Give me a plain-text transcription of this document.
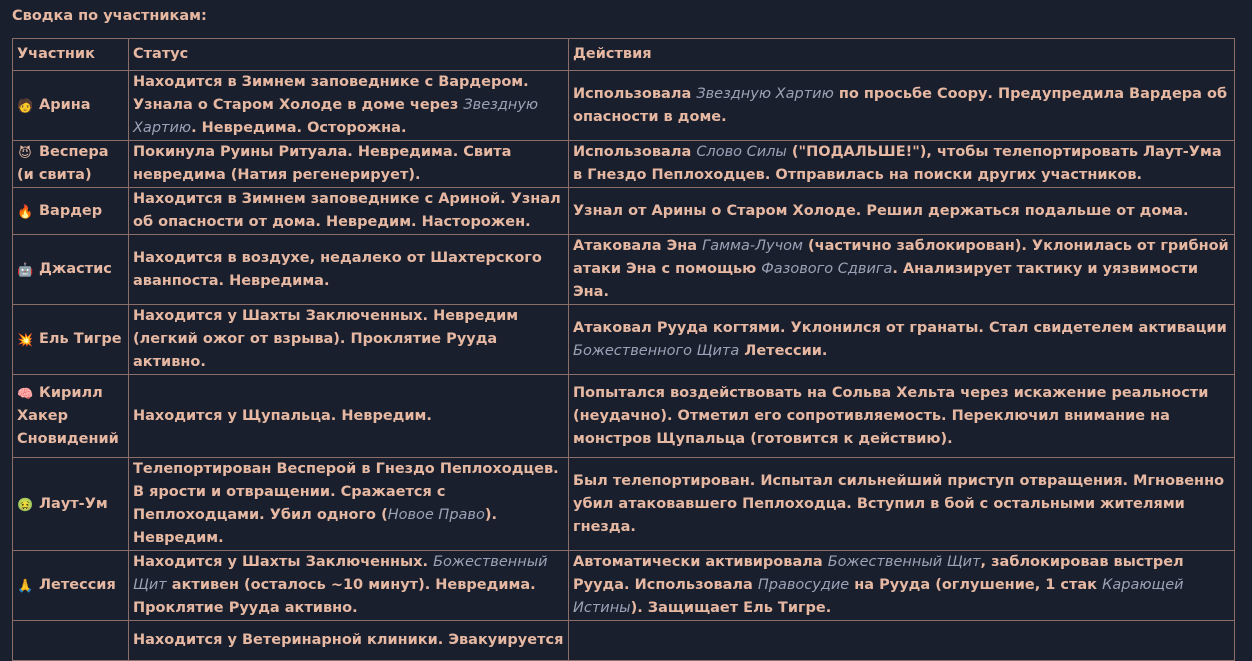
Сводка по участникам:
Участник	Статус	Действия
🧑 Арина	Находится в Зимнем заповеднике с Вардером. Узнала о Старом Холоде в доме через Звездную Хартию. Невредима. Осторожна.	Использовала Звездную Хартию по просьбе Соору. Предупредила Вардера об опасности в доме.
😈 Веспера (и свита)	Покинула Руины Ритуала. Невредима. Свита невредима (Натия регенерирует).	Использовала Слово Силы ("ПОДАЛЬШЕ!"), чтобы телепортировать Лаут-Ума в Гнездо Пеплоходцев. Отправилась на поиски других участников.
🔥 Вардер	Находится в Зимнем заповеднике с Ариной. Узнал об опасности от дома. Невредим. Насторожен.	Узнал от Арины о Старом Холоде. Решил держаться подальше от дома.
🤖 Джастис	Находится в воздухе, недалеко от Шахтерского аванпоста. Невредима.	Атаковала Эна Гамма-Лучом (частично заблокирован). Уклонилась от грибной атаки Эна с помощью Фазового Сдвига. Анализирует тактику и уязвимости Эна.
💥 Ель Тигре	Находится у Шахты Заключенных. Невредим (легкий ожог от взрыва). Проклятие Рууда активно.	Атаковал Рууда когтями. Уклонился от гранаты. Стал свидетелем активации Божественного Щита Летессии.
🧠 Кирилл Хакер Сновидений	Находится у Щупальца. Невредим.	Попытался воздействовать на Сольва Хельта через искажение реальности (неудачно). Отметил его сопротивляемость. Переключил внимание на монстров Щупальца (готовится к действию).
🤢 Лаут-Ум	Телепортирован Весперой в Гнездо Пеплоходцев. В ярости и отвращении. Сражается с Пеплоходцами. Убил одного (Новое Право). Невредим.	Был телепортирован. Испытал сильнейший приступ отвращения. Мгновенно убил атаковавшего Пеплоходца. Вступил в бой с остальными жителями гнезда.
🙏 Летессия	Находится у Шахты Заключенных. Божественный Щит активен (осталось ~10 минут). Невредима. Проклятие Рууда активно.	Автоматически активировала Божественный Щит, заблокировав выстрел Рууда. Использовала Правосудие на Рууда (оглушение, 1 стак Карающей Истины). Защищает Ель Тигре.
	Находится у Ветеринарной клиники. Эвакуируется	
